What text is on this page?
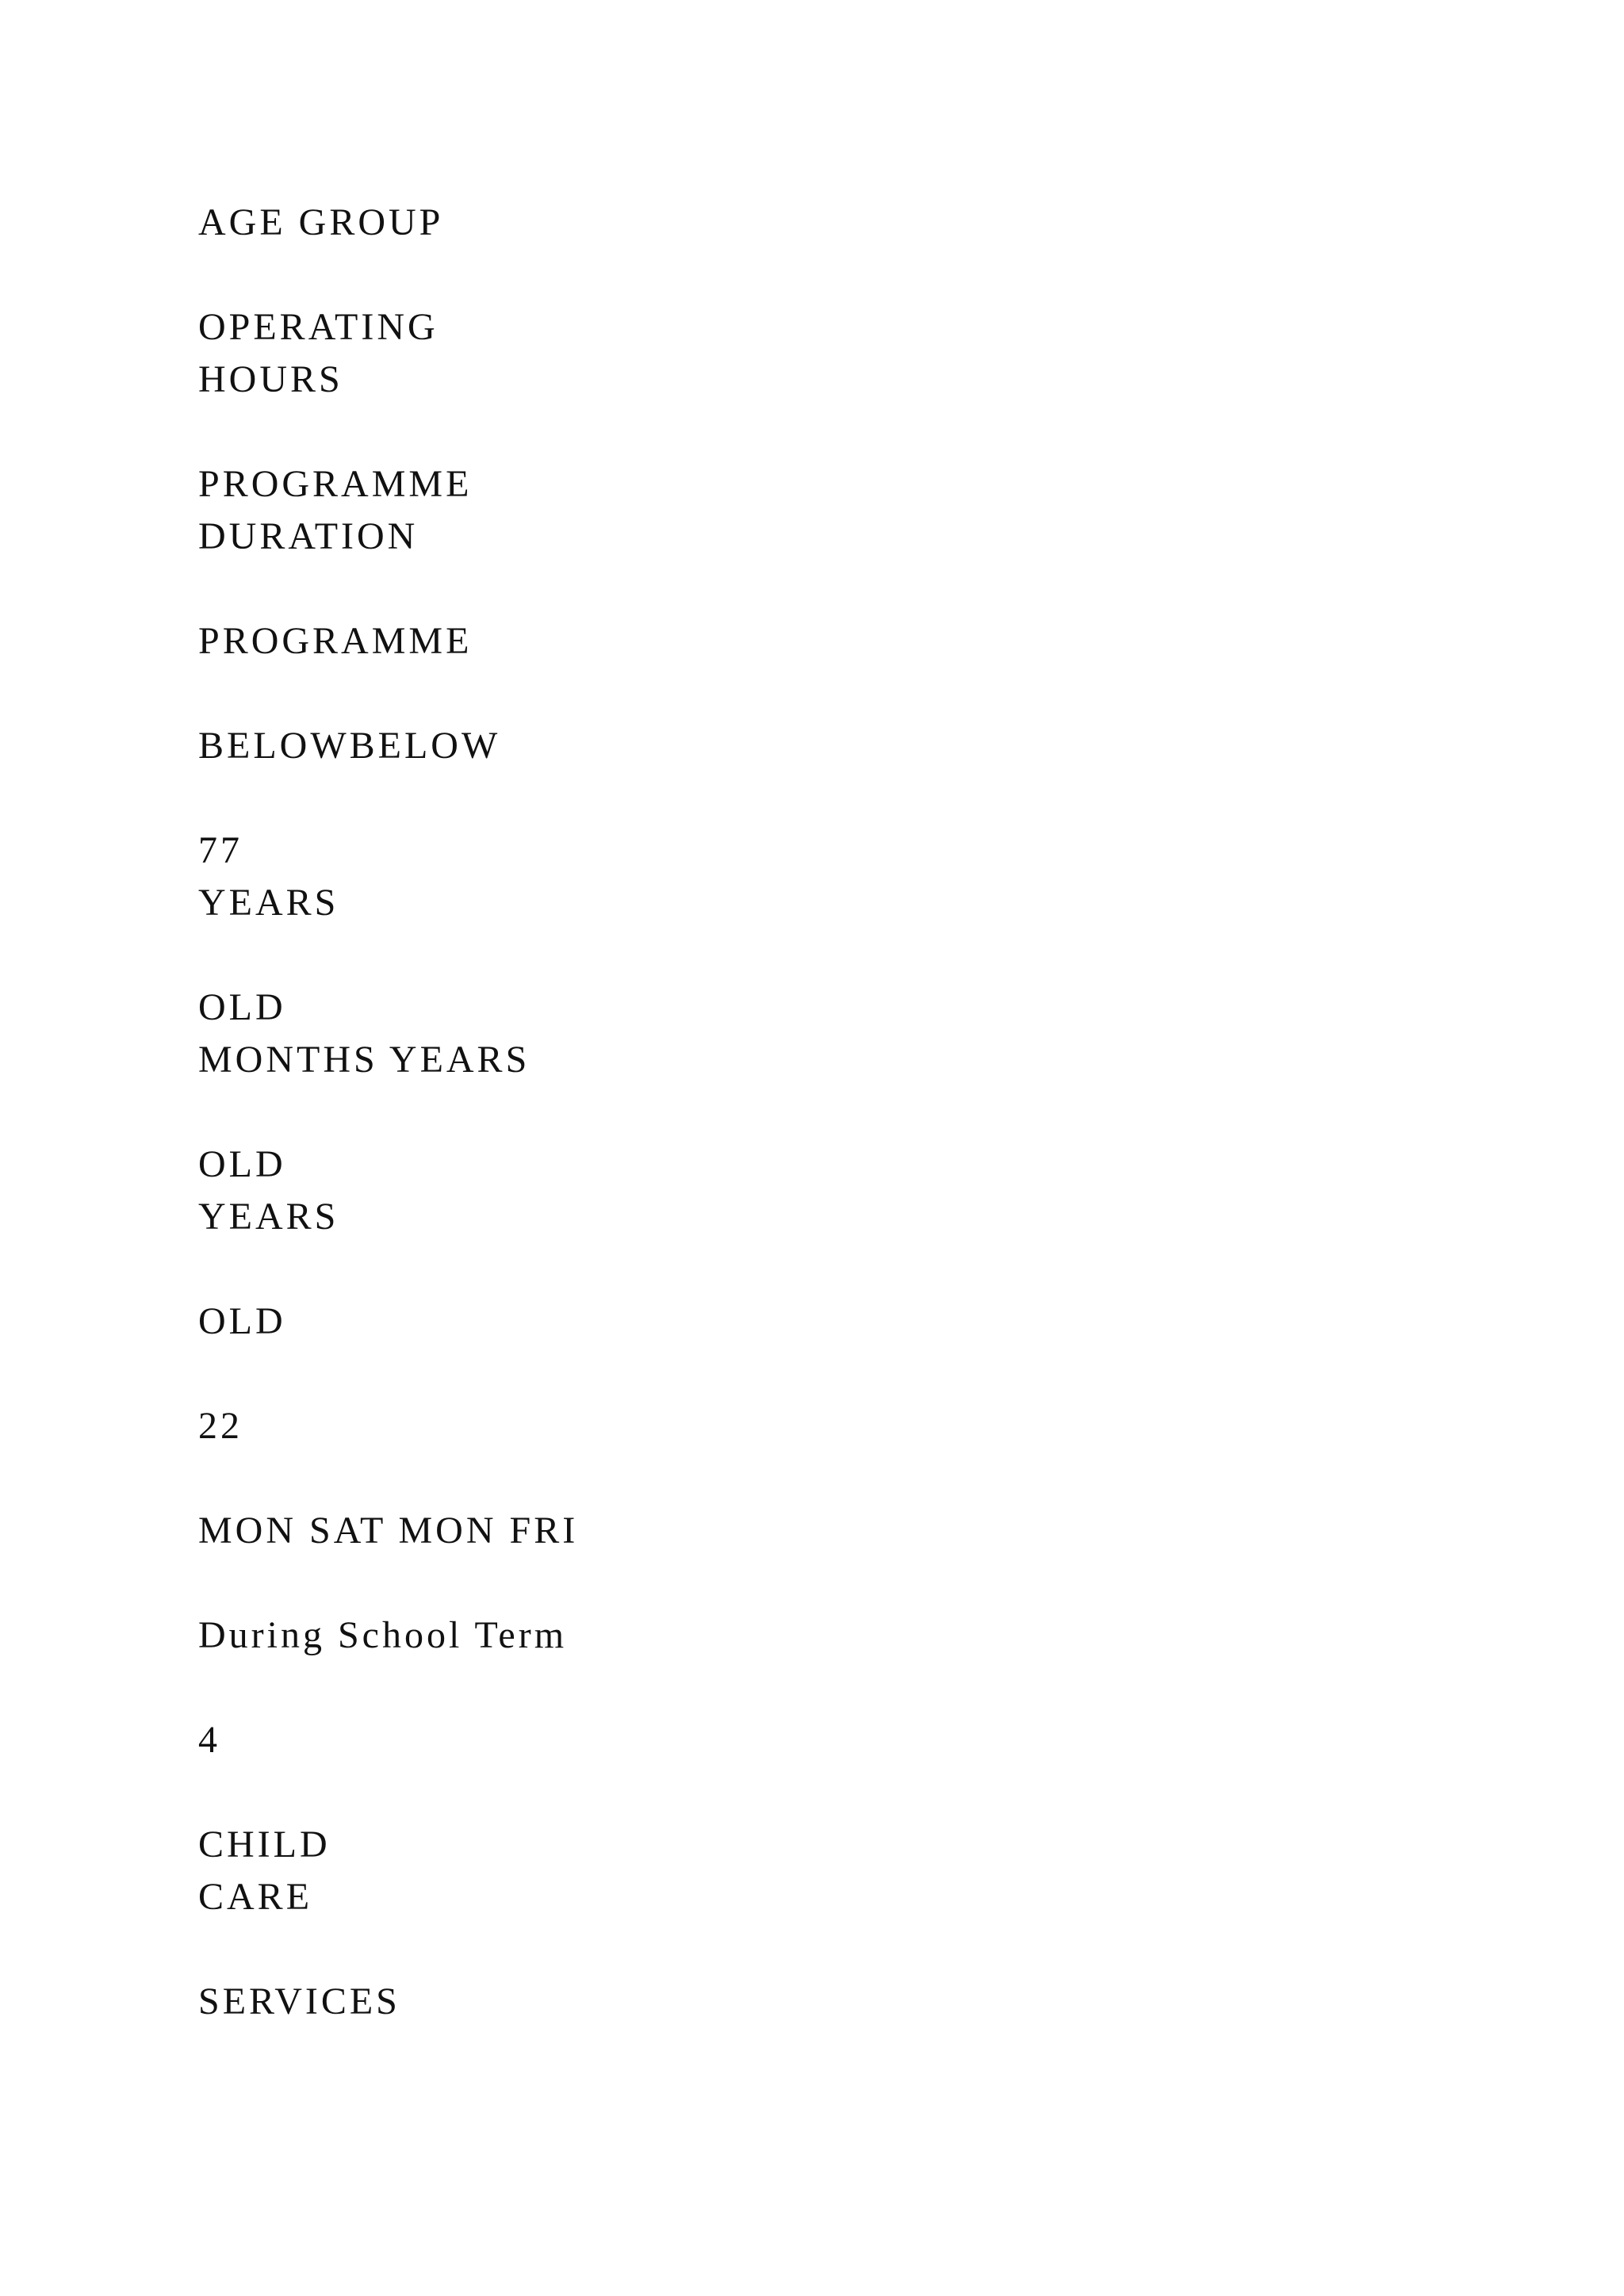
AGE GROUP

OPERATING

HOURS

PROGRAMME

DURATION

PROGRAMME

BELOWBELOW

77

YEARS

OLD

MONTHS YEARS

OLD

YEARS

OLD

22

MON SAT MON FRI

During School Term

4

CHILD

CARE

SERVICES
